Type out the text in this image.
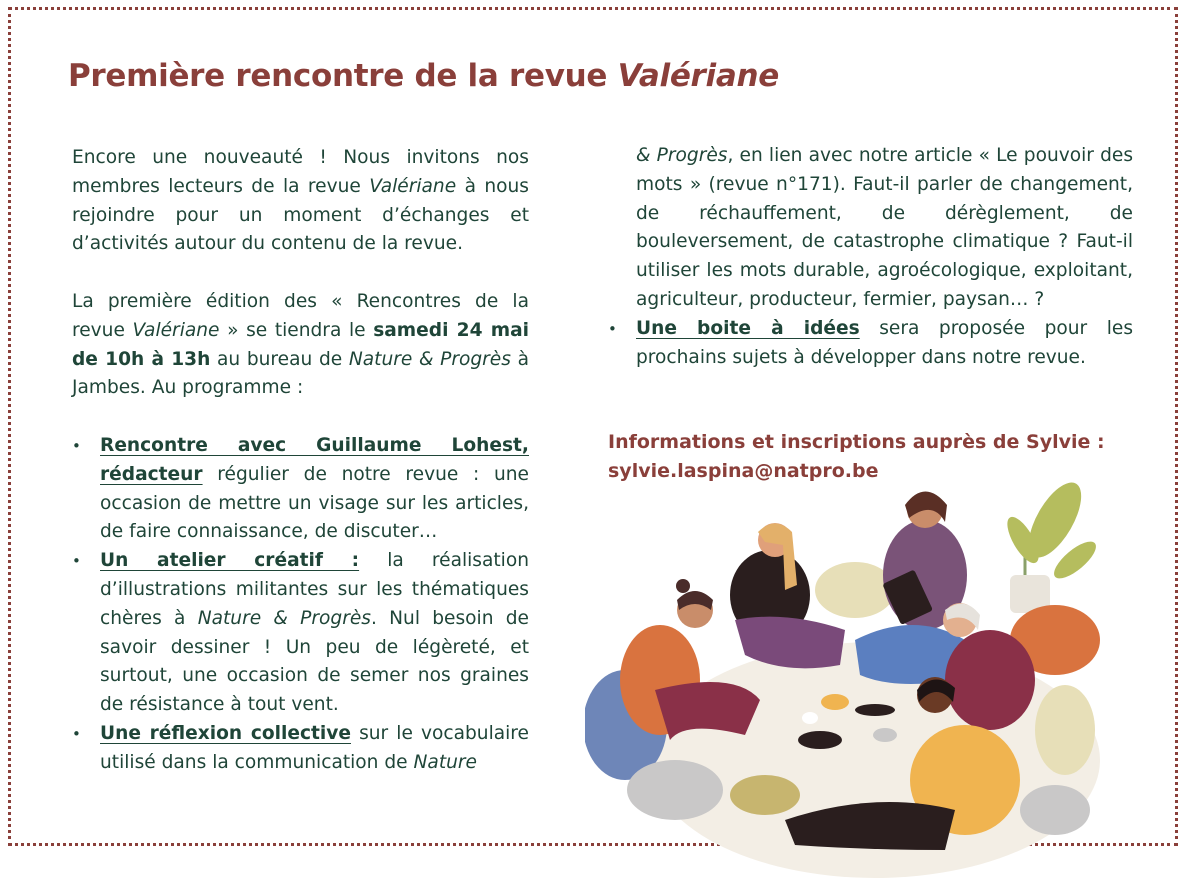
Première rencontre de la revue Valériane

Encore une nouveauté ! Nous invitons nos membres lecteurs de la revue Valériane à nous rejoindre pour un moment d’échanges et d’activités autour du contenu de la revue.

La première édition des « Rencontres de la revue Valériane » se tiendra le samedi 24 mai de 10h à 13h au bureau de Nature & Progrès à Jambes. Au programme :

• Rencontre avec Guillaume Lohest, rédacteur régulier de notre revue : une occasion de mettre un visage sur les articles, de faire connaissance, de discuter…
• Un atelier créatif : la réalisation d’illustrations militantes sur les thématiques chères à Nature & Progrès. Nul besoin de savoir dessiner ! Un peu de légèreté, et surtout, une occasion de semer nos graines de résistance à tout vent.
• Une réflexion collective sur le vocabulaire utilisé dans la communication de Nature

& Progrès, en lien avec notre article « Le pouvoir des mots » (revue n°171). Faut-il parler de changement, de réchauffement, de dérèglement, de bouleversement, de catastrophe climatique ? Faut-il utiliser les mots durable, agroécologique, exploitant, agriculteur, producteur, fermier, paysan… ?

• Une boite à idées sera proposée pour les prochains sujets à développer dans notre revue.
Informations et inscriptions auprès de Sylvie :
sylvie.laspina@natpro.be
